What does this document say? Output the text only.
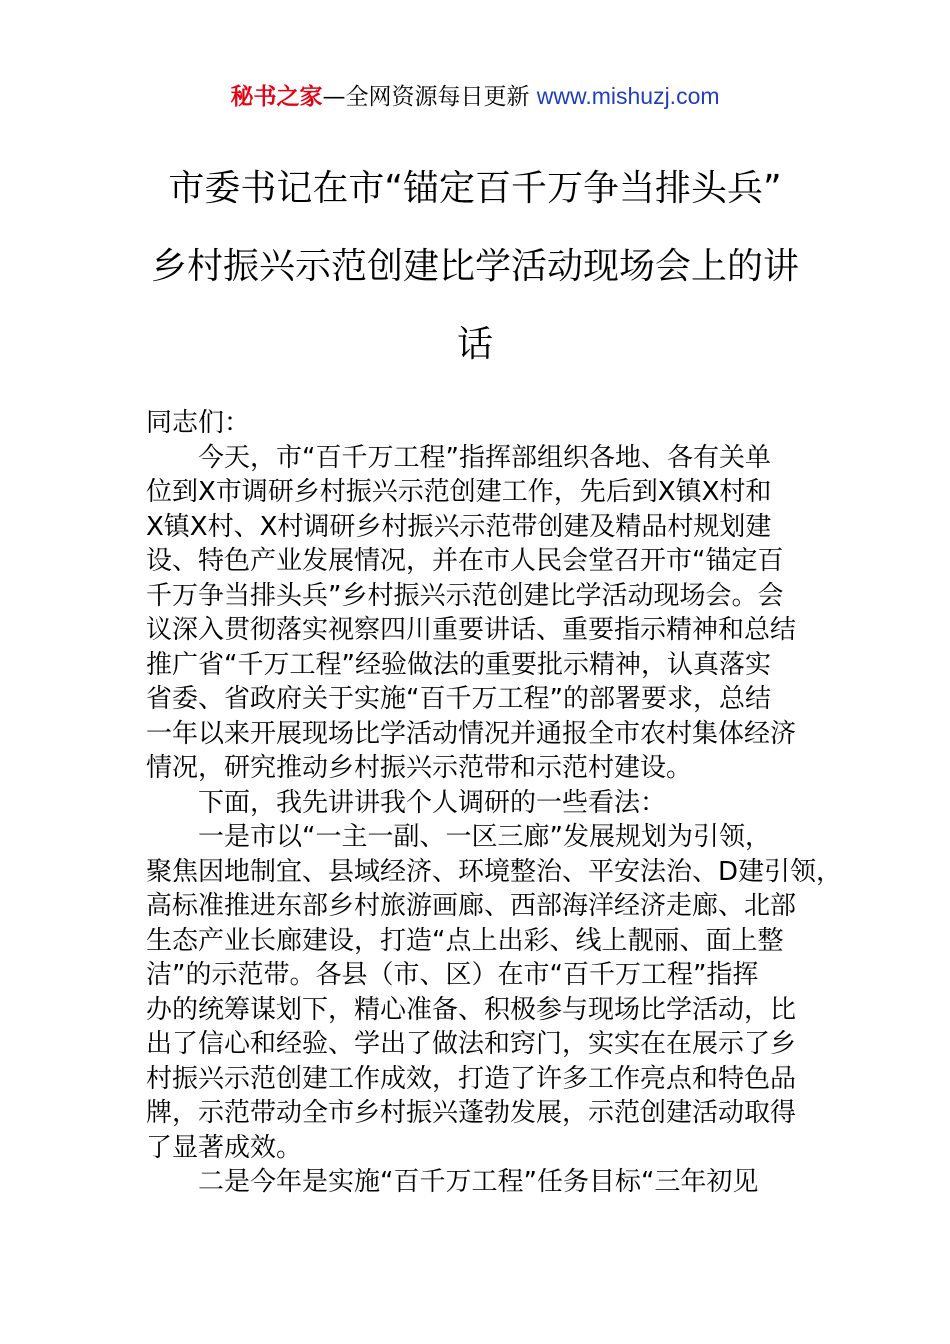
秘书之家—全网资源每日更新 www.mishuzj.com
市委书记在市“锚定百千万争当排头兵”
乡村振兴示范创建比学活动现场会上的讲
话
同志们：
今天，市“百千万工程”指挥部组织各地、各有关单
位到X市调研乡村振兴示范创建工作，先后到X镇X村和
X镇X村、X村调研乡村振兴示范带创建及精品村规划建
设、特色产业发展情况，并在市人民会堂召开市“锚定百
千万争当排头兵”乡村振兴示范创建比学活动现场会。会
议深入贯彻落实视察四川重要讲话、重要指示精神和总结
推广省“千万工程”经验做法的重要批示精神，认真落实
省委、省政府关于实施“百千万工程”的部署要求，总结
一年以来开展现场比学活动情况并通报全市农村集体经济
情况，研究推动乡村振兴示范带和示范村建设。
下面，我先讲讲我个人调研的一些看法：
一是市以“一主一副、一区三廊”发展规划为引领，
聚焦因地制宜、县域经济、环境整治、平安法治、D建引领，
高标准推进东部乡村旅游画廊、西部海洋经济走廊、北部
生态产业长廊建设，打造“点上出彩、线上靓丽、面上整
洁”的示范带。各县（市、区）在市“百千万工程”指挥
办的统筹谋划下，精心准备、积极参与现场比学活动，比
出了信心和经验、学出了做法和窍门，实实在在展示了乡
村振兴示范创建工作成效，打造了许多工作亮点和特色品
牌，示范带动全市乡村振兴蓬勃发展，示范创建活动取得
了显著成效。
二是今年是实施“百千万工程”任务目标“三年初见
